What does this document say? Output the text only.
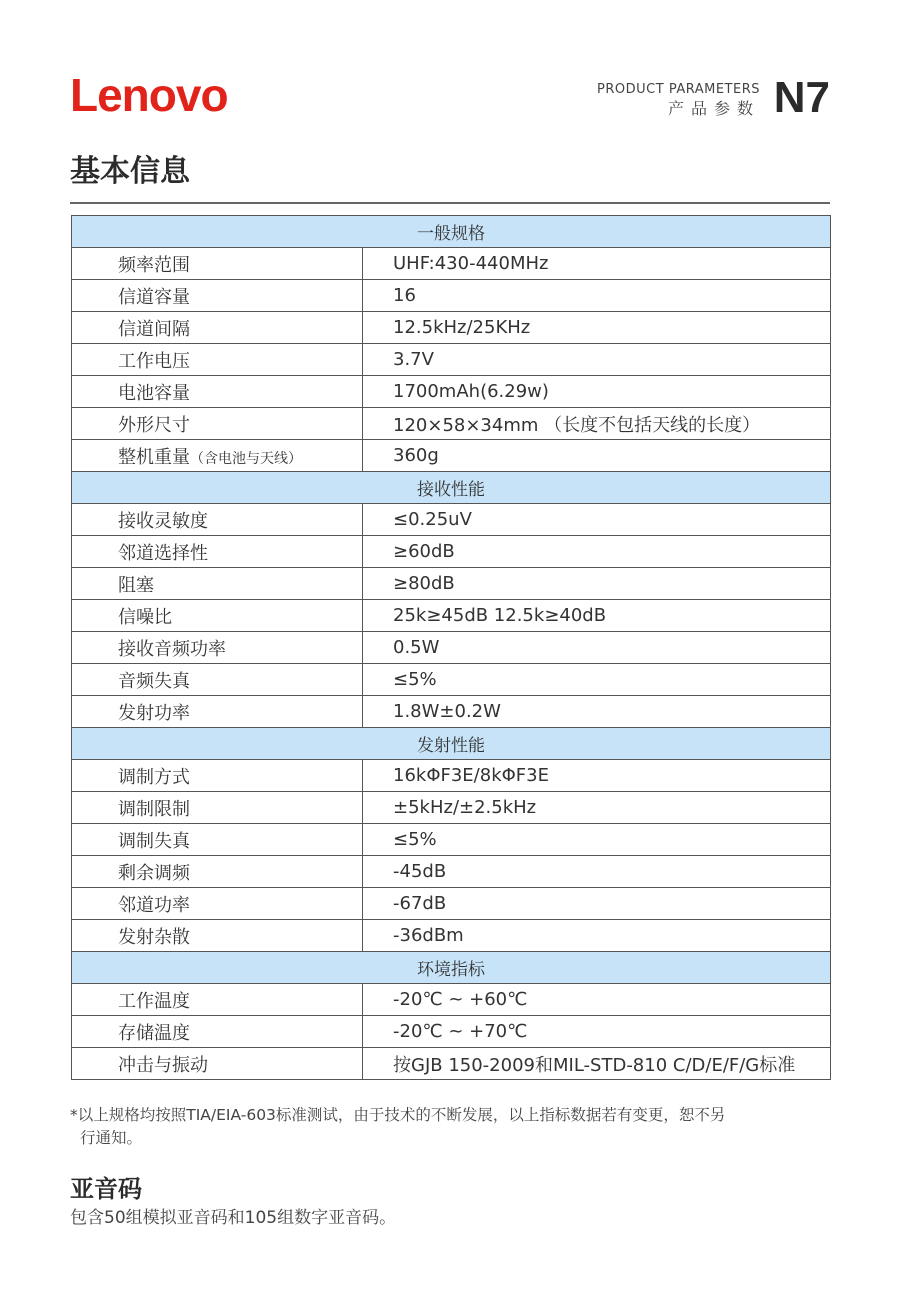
Lenovo	PRODUCT PARAMETERS
产品参数 N7
基本信息
一般规格	
频率范围	UHF:430-440MHz
信道容量	16
信道间隔	12.5kHz/25KHz
工作电压	3.7V
电池容量	1700mAh(6.29w)
外形尺寸	120×58×34mm （长度不包括天线的长度）
整机重量（含电池与天线）	360g
接收性能	
接收灵敏度	≤0.25uV
邻道选择性	≥60dB
阻塞	≥80dB
信噪比	25k≥45dB 12.5k≥40dB
接收音频功率	0.5W
音频失真	≤5%
发射功率	1.8W±0.2W
发射性能	
调制方式	16kΦF3E/8kΦF3E
调制限制	±5kHz/±2.5kHz
调制失真	≤5%
剩余调频	-45dB
邻道功率	-67dB
发射杂散	-36dBm
环境指标	
工作温度	-20℃ ~ +60℃
存储温度	-20℃ ~ +70℃
冲击与振动	按GJB 150-2009和MIL-STD-810 C/D/E/F/G标准
*以上规格均按照TIA/EIA-603标准测试，由于技术的不断发展，以上指标数据若有变更，恕不另
行通知。
亚音码
包含50组模拟亚音码和105组数字亚音码。
